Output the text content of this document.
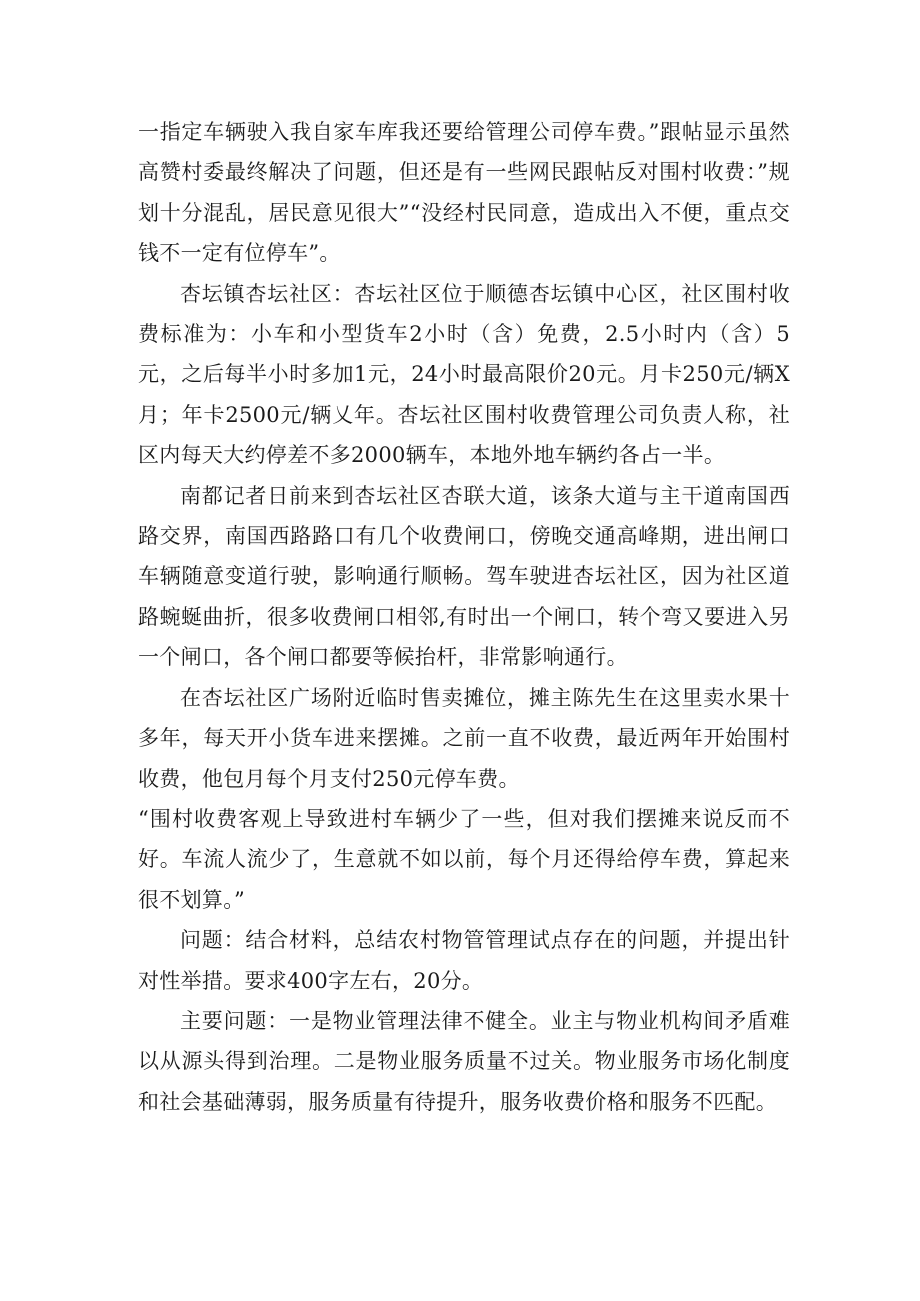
一指定车辆驶入我自家车库我还要给管理公司停车费。”跟帖显示虽然高赞村委最终解决了问题，但还是有一些网民跟帖反对围村收费：”规划十分混乱，居民意见很大”“没经村民同意，造成出入不便，重点交钱不一定有位停车”。

杏坛镇杏坛社区：杏坛社区位于顺德杏坛镇中心区，社区围村收费标准为：小车和小型货车2小时（含）免费，2.5小时内（含）5元，之后每半小时多加1元，24小时最高限价20元。月卡250元/辆X月；年卡2500元/辆乂年。杏坛社区围村收费管理公司负责人称，社区内每天大约停差不多2000辆车，本地外地车辆约各占一半。

南都记者日前来到杏坛社区杏联大道，该条大道与主干道南国西路交界，南国西路路口有几个收费闸口，傍晚交通高峰期，进出闸口车辆随意变道行驶，影响通行顺畅。驾车驶进杏坛社区，因为社区道路蜿蜒曲折，很多收费闸口相邻,有时出一个闸口，转个弯又要进入另一个闸口，各个闸口都要等候抬杆，非常影响通行。

在杏坛社区广场附近临时售卖摊位，摊主陈先生在这里卖水果十多年，每天开小货车进来摆摊。之前一直不收费，最近两年开始围村收费，他包月每个月支付250元停车费。

“围村收费客观上导致进村车辆少了一些，但对我们摆摊来说反而不好。车流人流少了，生意就不如以前，每个月还得给停车费，算起来很不划算。”

问题：结合材料，总结农村物管管理试点存在的问题，并提出针对性举措。要求400字左右，20分。

主要问题：一是物业管理法律不健全。业主与物业机构间矛盾难以从源头得到治理。二是物业服务质量不过关。物业服务市场化制度和社会基础薄弱，服务质量有待提升，服务收费价格和服务不匹配。
